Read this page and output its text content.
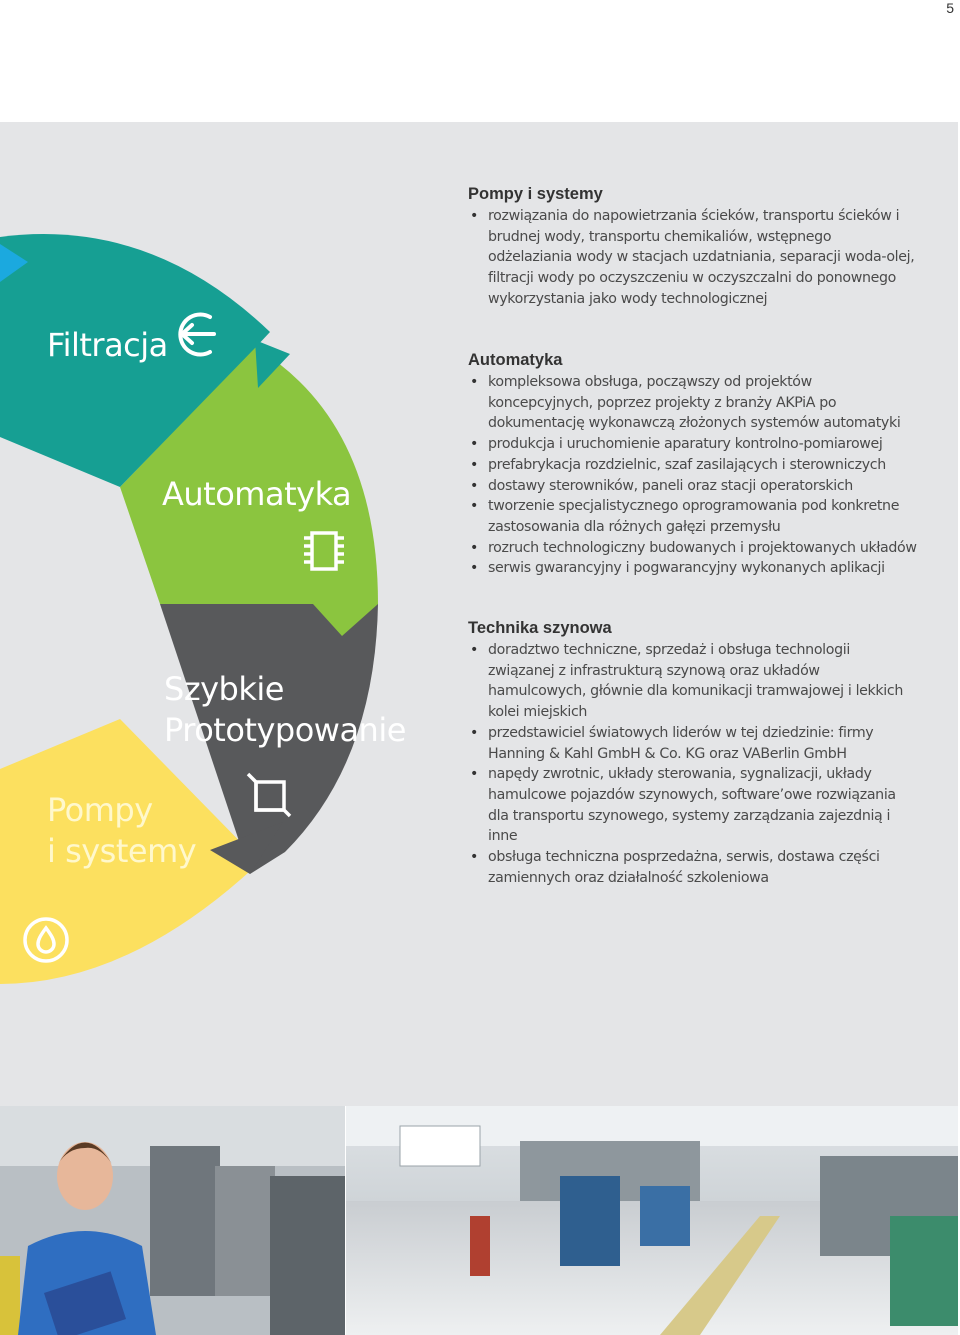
5

Filtracja

Automatyka

Szybkie
Prototypowanie
Pompy
i systemy
Pompy i systemy
• rozwiązania do napowietrzania ścieków, transportu ścieków i brudnej wody, transportu chemikaliów, wstępnego odżelaziania wody w stacjach uzdatniania, separacji woda-olej, filtracji wody po oczyszczeniu w oczyszczalni do ponownego wykorzystania jako wody technologicznej
Automatyka
• kompleksowa obsługa, począwszy od projektów koncepcyjnych, poprzez projekty z branży AKPiA po dokumentację wykonawczą złożonych systemów automatyki
• produkcja i uruchomienie aparatury kontrolno-pomiarowej
• prefabrykacja rozdzielnic, szaf zasilających i sterowniczych
• dostawy sterowników, paneli oraz stacji operatorskich
• tworzenie specjalistycznego oprogramowania pod konkretne zastosowania dla różnych gałęzi przemysłu
• rozruch technologiczny budowanych i projektowanych układów
• serwis gwarancyjny i pogwarancyjny wykonanych aplikacji
Technika szynowa
• doradztwo techniczne, sprzedaż i obsługa technologii związanej z infrastrukturą szynową oraz układów hamulcowych, głównie dla komunikacji tramwajowej i lekkich kolei miejskich
• przedstawiciel światowych liderów w tej dziedzinie: firmy Hanning & Kahl GmbH & Co. KG oraz VABerlin GmbH
• napędy zwrotnic, układy sterowania, sygnalizacji, układy hamulcowe pojazdów szynowych, software’owe rozwiązania dla transportu szynowego, systemy zarządzania zajezdnią i inne
• obsługa techniczna posprzedażna, serwis, dostawa części zamiennych oraz działalność szkoleniowa
